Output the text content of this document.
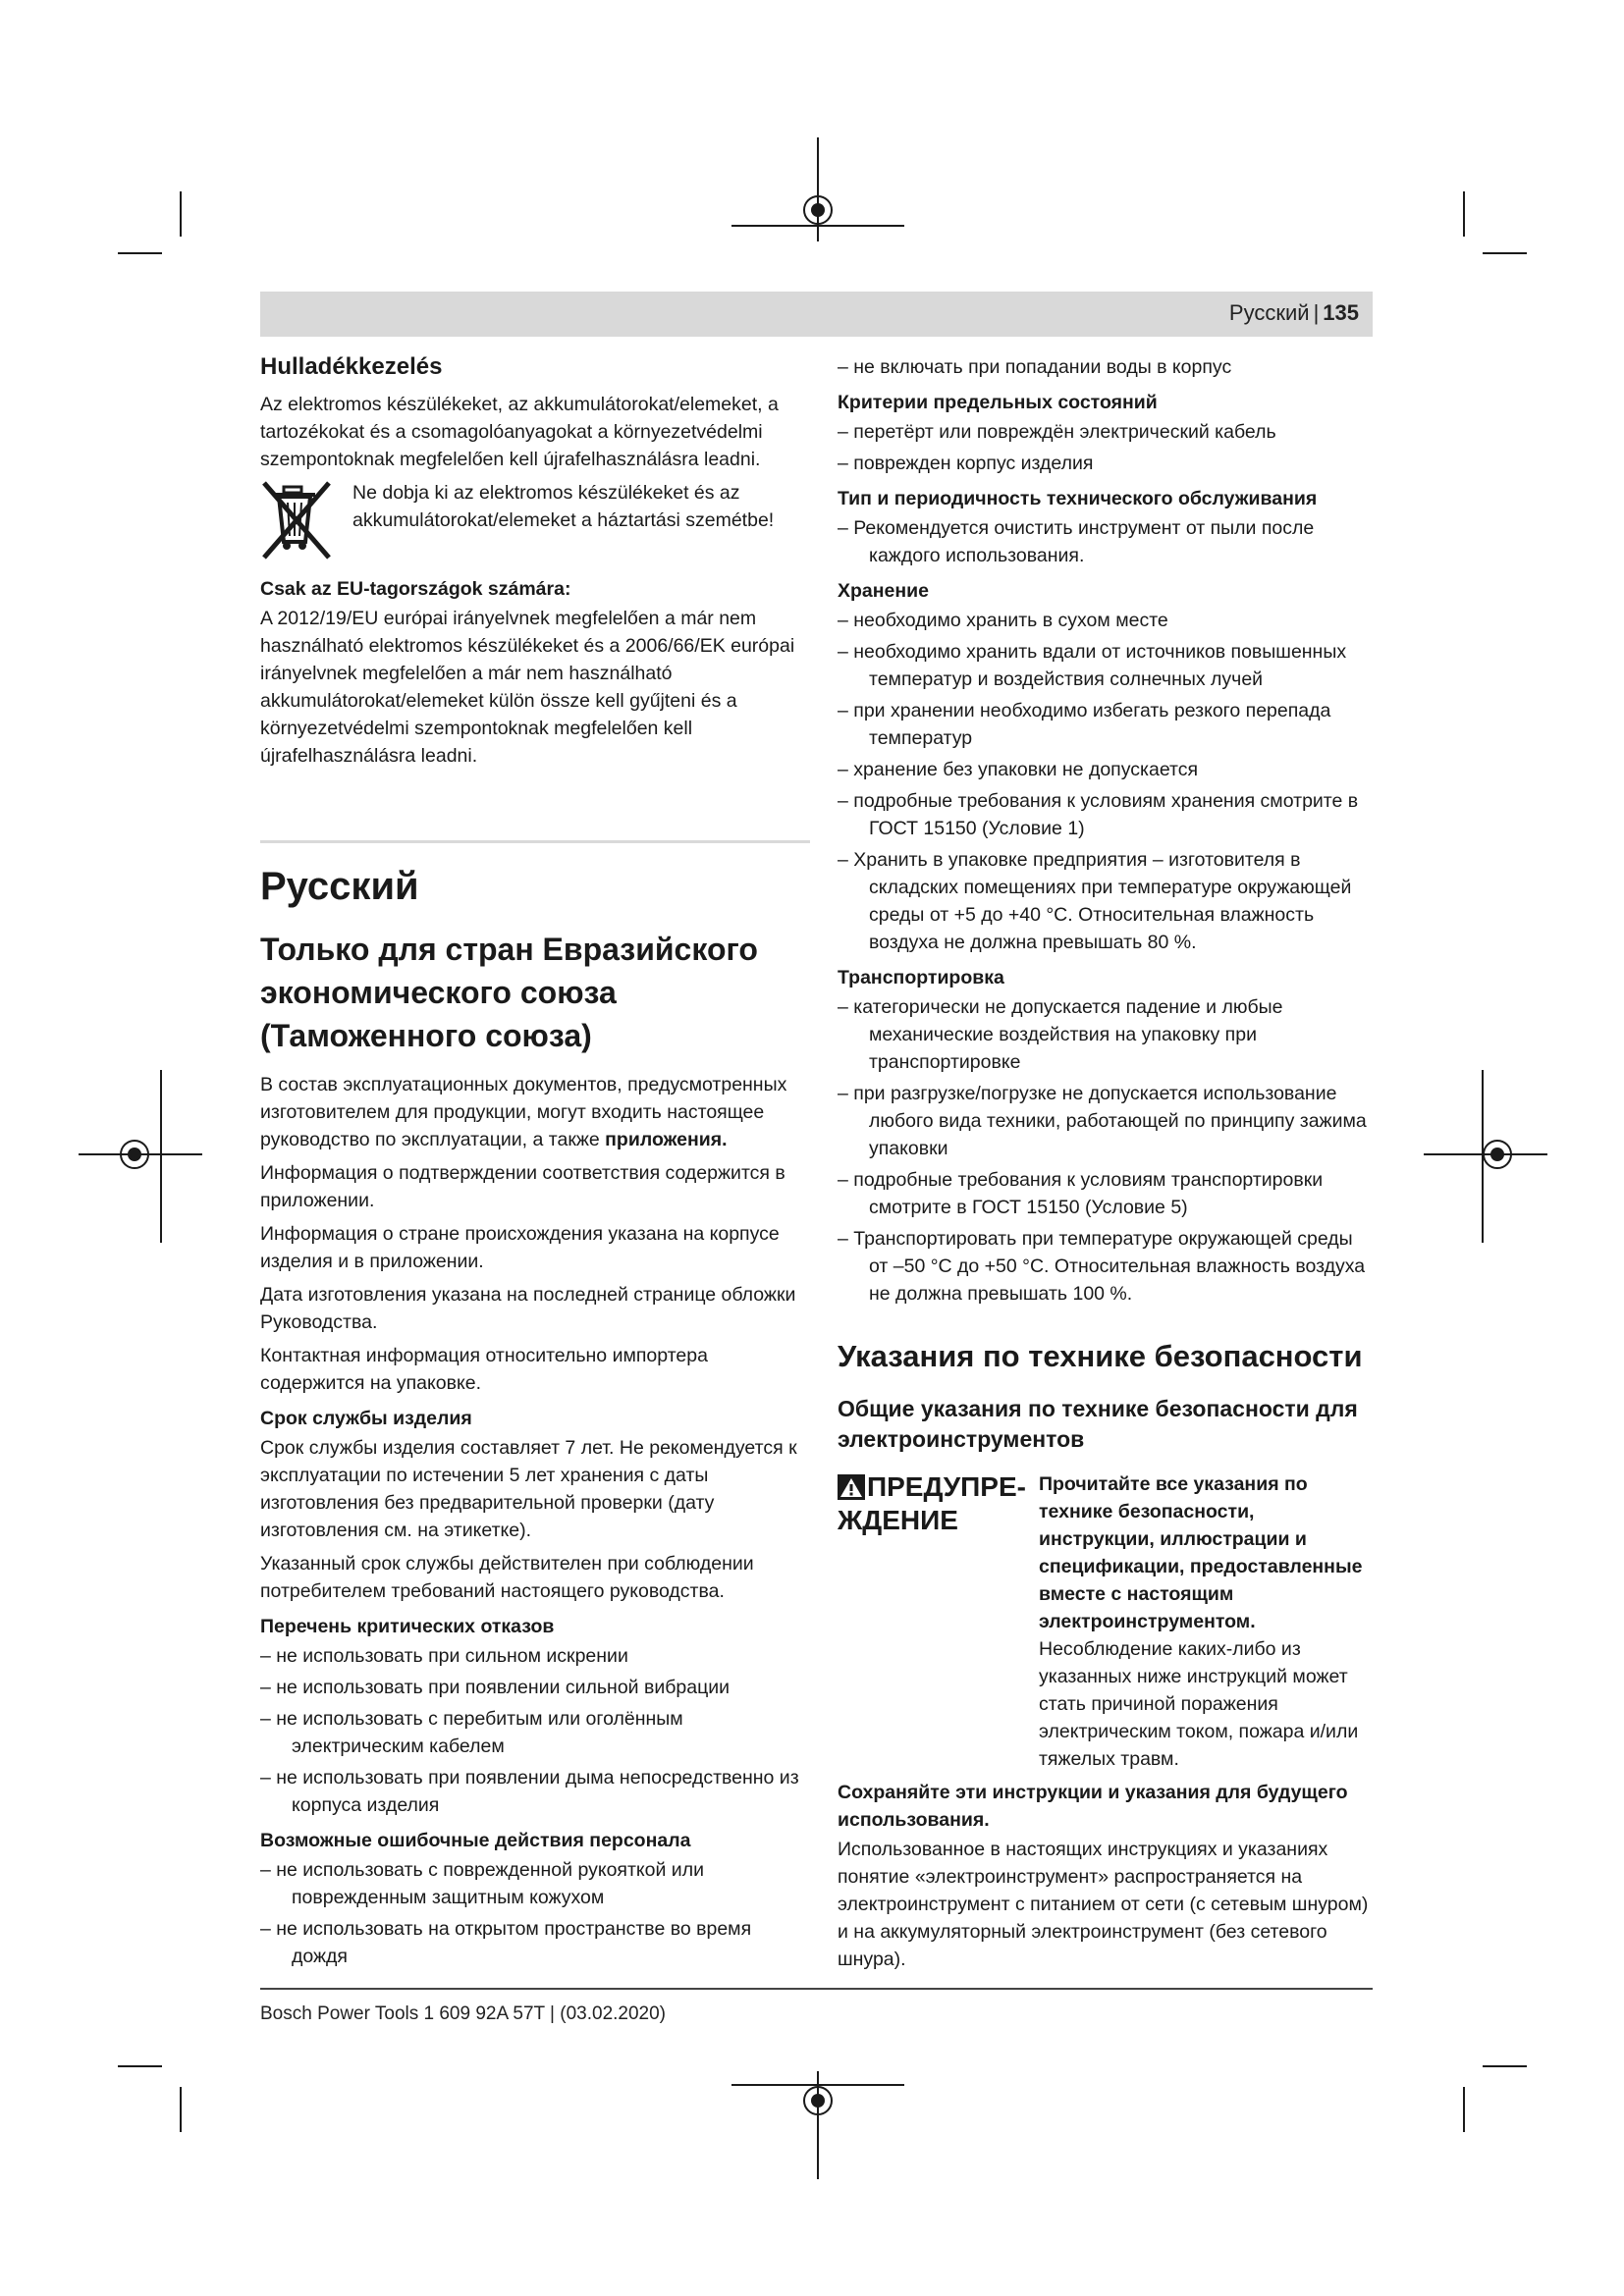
Русский | 135
Hulladékkezelés

Az elektromos készülékeket, az akkumulátorokat/elemeket, a tartozékokat és a csomagolóanyagokat a környezetvédelmi szempontoknak megfelelően kell újrafelhasználásra leadni.

Ne dobja ki az elektromos készülékeket és az akkumulátorokat/elemeket a háztartási szemétbe!
Csak az EU-tagországok számára:

A 2012/19/EU európai irányelvnek megfelelően a már nem használható elektromos készülékeket és a 2006/66/EK európai irányelvnek megfelelően a már nem használható akkumulátorokat/elemeket külön össze kell gyűjteni és a környezetvédelmi szempontoknak megfelelően kell újrafelhasználásra leadni.

Русский
Только для стран Евразийского экономического союза (Таможенного союза)

В состав эксплуатационных документов, предусмотренных изготовителем для продукции, могут входить настоящее руководство по эксплуатации, а также приложения.

Информация о подтверждении соответствия содержится в приложении.

Информация о стране происхождения указана на корпусе изделия и в приложении.

Дата изготовления указана на последней странице обложки Руководства.

Контактная информация относительно импортера содержится на упаковке.

Срок службы изделия

Срок службы изделия составляет 7 лет. Не рекомендуется к эксплуатации по истечении 5 лет хранения с даты изготовления без предварительной проверки (дату изготовления см. на этикетке).

Указанный срок службы действителен при соблюдении потребителем требований настоящего руководства.

Перечень критических отказов

– не использовать при сильном искрении

– не использовать при появлении сильной вибрации

– не использовать с перебитым или оголённым электрическим кабелем

– не использовать при появлении дыма непосредственно из корпуса изделия

Возможные ошибочные действия персонала

– не использовать с поврежденной рукояткой или поврежденным защитным кожухом

– не использовать на открытом пространстве во время дождя

– не включать при попадании воды в корпус

Критерии предельных состояний

– перетёрт или повреждён электрический кабель

– поврежден корпус изделия

Тип и периодичность технического обслуживания

– Рекомендуется очистить инструмент от пыли после каждого использования.

Хранение

– необходимо хранить в сухом месте

– необходимо хранить вдали от источников повышенных температур и воздействия солнечных лучей

– при хранении необходимо избегать резкого перепада температур

– хранение без упаковки не допускается

– подробные требования к условиям хранения смотрите в ГОСТ 15150 (Условие 1)

– Хранить в упаковке предприятия – изготовителя в складских помещениях при температуре окружающей среды от +5 до +40 °C. Относительная влажность воздуха не должна превышать 80 %.

Транспортировка

– категорически не допускается падение и любые механические воздействия на упаковку при транспортировке

– при разгрузке/погрузке не допускается использование любого вида техники, работающей по принципу зажима упаковки

– подробные требования к условиям транспортировки смотрите в ГОСТ 15150 (Условие 5)

– Транспортировать при температуре окружающей среды от –50 °C до +50 °C. Относительная влажность воздуха не должна превышать 100 %.

Указания по технике безопасности
Общие указания по технике безопасности для электроинструментов
ПРЕДУПРЕ-ЖДЕНИЕ
Прочитайте все указания по технике безопасности, инструкции, иллюстрации и спецификации, предоставленные вместе с настоящим электроинструментом. Несоблюдение каких-либо из указанных ниже инструкций может стать причиной поражения электрическим током, пожара и/или тяжелых травм.
Сохраняйте эти инструкции и указания для будущего использования.

Использованное в настоящих инструкциях и указаниях понятие «электроинструмент» распространяется на электроинструмент с питанием от сети (с сетевым шнуром) и на аккумуляторный электроинструмент (без сетевого шнура).

Bosch Power Tools 1 609 92A 57T | (03.02.2020)
